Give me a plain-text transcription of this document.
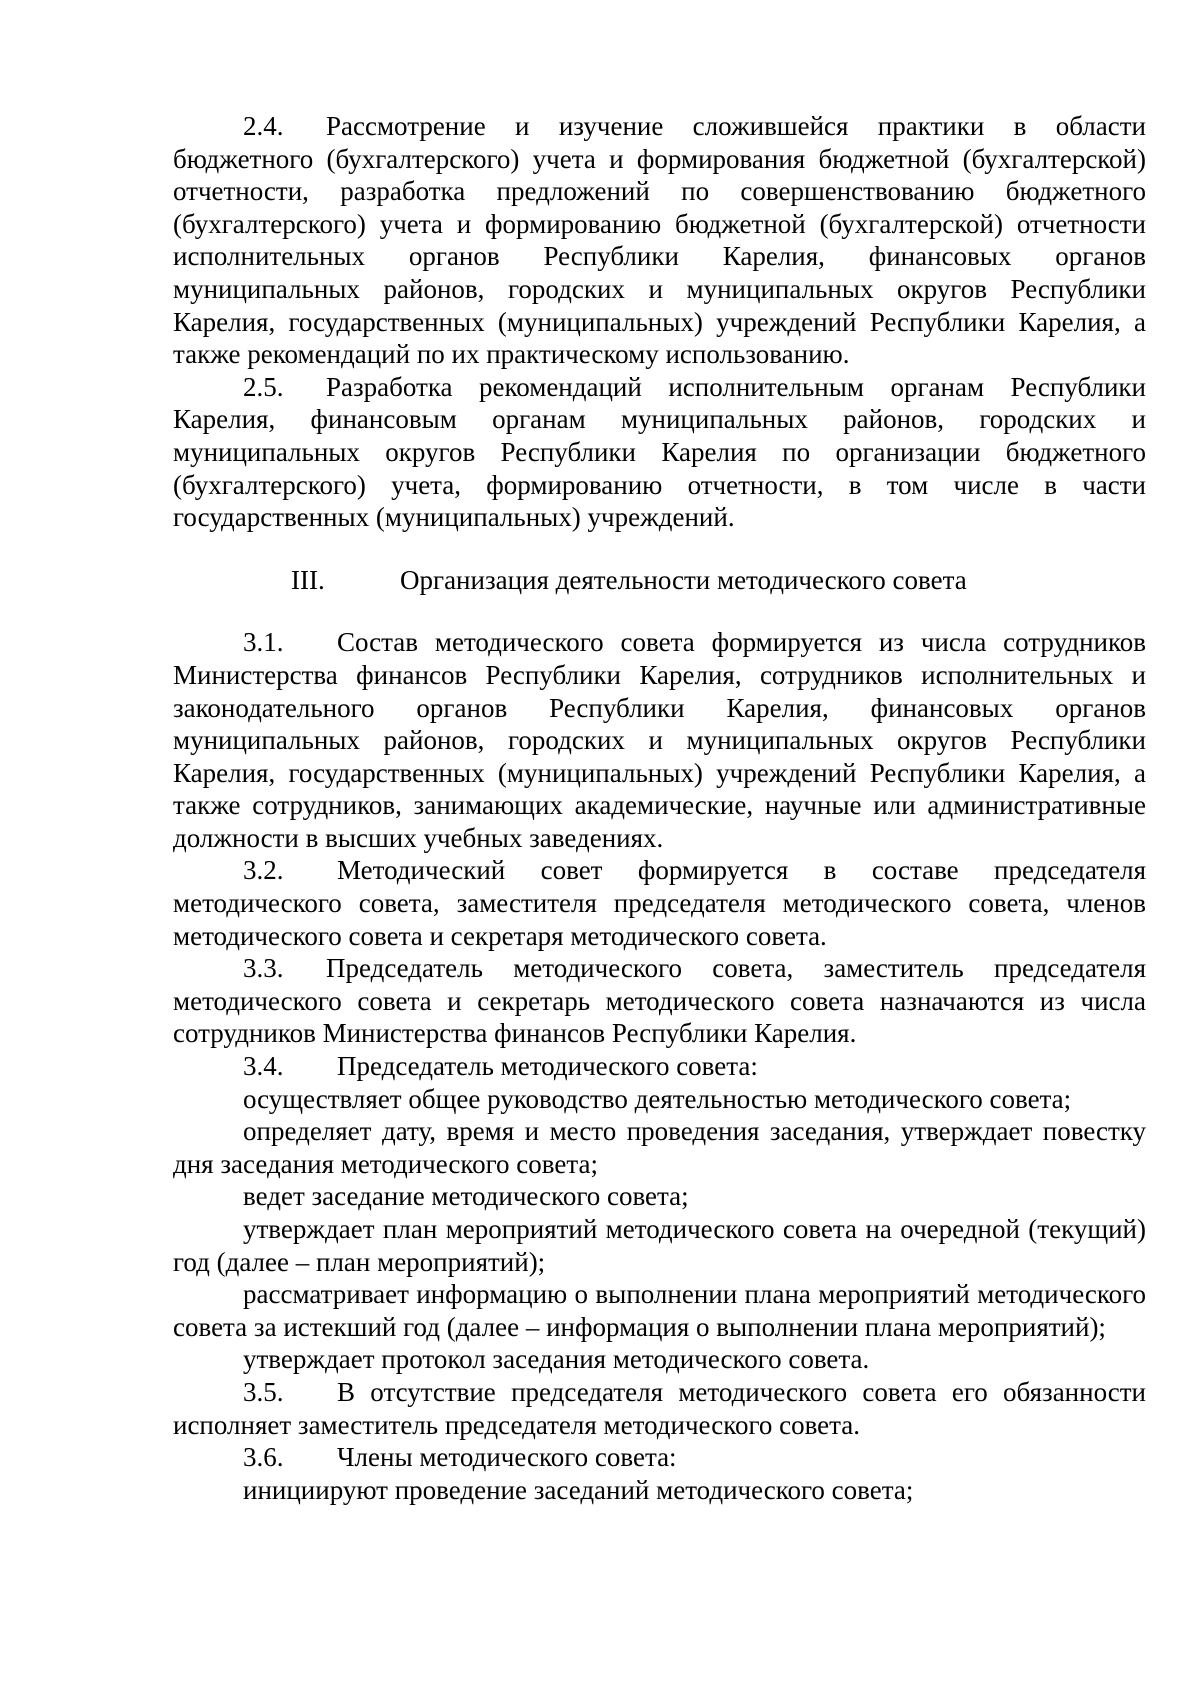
2.4. Рассмотрение и изучение сложившейся практики в области бюджетного (бухгалтерского) учета и формирования бюджетной (бухгалтерской) отчетности, разработка предложений по совершенствованию бюджетного (бухгалтерского) учета и формированию бюджетной (бухгалтерской) отчетности исполнительных органов Республики Карелия, финансовых органов муниципальных районов, городских и муниципальных округов Республики Карелия, государственных (муниципальных) учреждений Республики Карелия, а также рекомендаций по их практическому использованию.

2.5. Разработка рекомендаций исполнительным органам Республики Карелия, финансовым органам муниципальных районов, городских и муниципальных округов Республики Карелия по организации бюджетного (бухгалтерского) учета, формированию отчетности, в том числе в части государственных (муниципальных) учреждений.

III.	Организация деятельности методического совета

3.1. Состав методического совета формируется из числа сотрудников Министерства финансов Республики Карелия, сотрудников исполнительных и законодательного органов Республики Карелия, финансовых органов муниципальных районов, городских и муниципальных округов Республики Карелия, государственных (муниципальных) учреждений Республики Карелия, а также сотрудников, занимающих академические, научные или административные должности в высших учебных заведениях.

3.2. Методический совет формируется в составе председателя методического совета, заместителя председателя методического совета, членов методического совета и секретаря методического совета.

3.3. Председатель методического совета, заместитель председателя методического совета и секретарь методического совета назначаются из числа сотрудников Министерства финансов Республики Карелия.

3.4. Председатель методического совета:

осуществляет общее руководство деятельностью методического совета;

определяет дату, время и место проведения заседания, утверждает повестку дня заседания методического совета;

ведет заседание методического совета;

утверждает план мероприятий методического совета на очередной (текущий) год (далее – план мероприятий);

рассматривает информацию о выполнении плана мероприятий методического совета за истекший год (далее – информация о выполнении плана мероприятий);

утверждает протокол заседания методического совета.

3.5. В отсутствие председателя методического совета его обязанности исполняет заместитель председателя методического совета.

3.6. Члены методического совета:

инициируют проведение заседаний методического совета;
